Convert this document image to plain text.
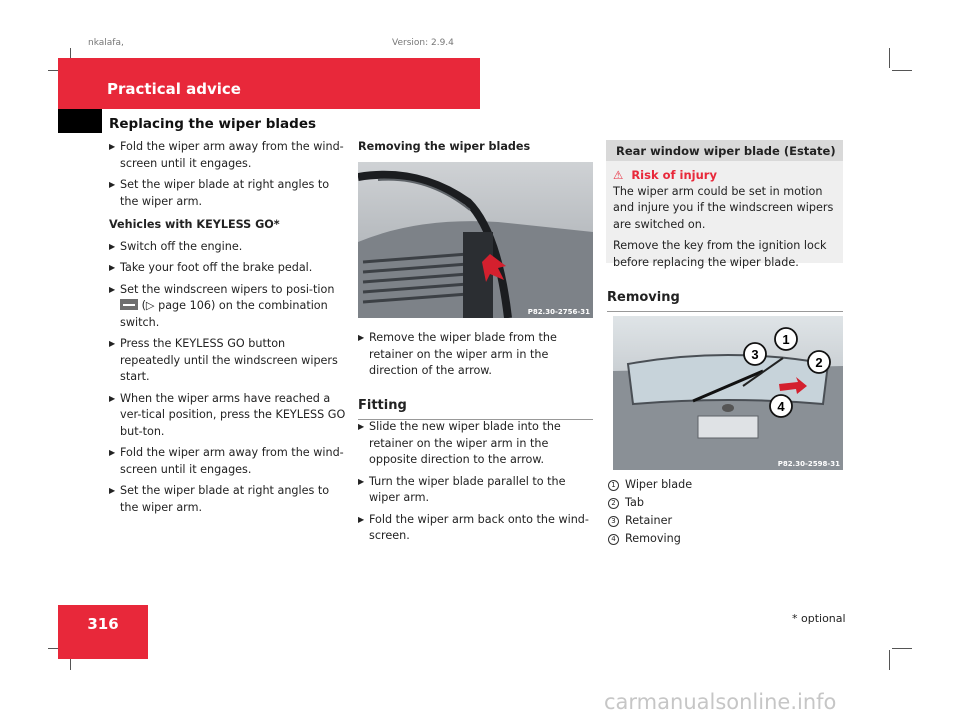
nkalafa,	Version: 2.9.4
Practical advice
Replacing the wiper blades
▶ Fold the wiper arm away from the wind-screen until it engages.
▶ Set the wiper blade at right angles to the wiper arm.

Vehicles with KEYLESS GO*

▶ Switch off the engine.
▶ Take your foot off the brake pedal.
▶ Set the windscreen wipers to posi-tion  (▷ page 106) on the combination switch.
▶ Press the KEYLESS GO button repeatedly until the windscreen wipers start.
▶ When the wiper arms have reached a ver-tical position, press the KEYLESS GO but-ton.
▶ Fold the wiper arm away from the wind-screen until it engages.
▶ Set the wiper blade at right angles to the wiper arm.
Removing the wiper blades
P82.30-2756-31
▶ Remove the wiper blade from the retainer on the wiper arm in the direction of the arrow.
Fitting
▶ Slide the new wiper blade into the retainer on the wiper arm in the opposite direction to the arrow.
▶ Turn the wiper blade parallel to the wiper arm.
▶ Fold the wiper arm back onto the wind-screen.
Rear window wiper blade (Estate)

⚠ Risk of injury

The wiper arm could be set in motion and injure you if the windscreen wipers are switched on.

Remove the key from the ignition lock before replacing the wiper blade.

Removing
1
2
3
4
P82.30-2598-31

1 Wiper blade

2 Tab

3 Retainer

4 Removing

316	* optional
carmanualsonline.info
